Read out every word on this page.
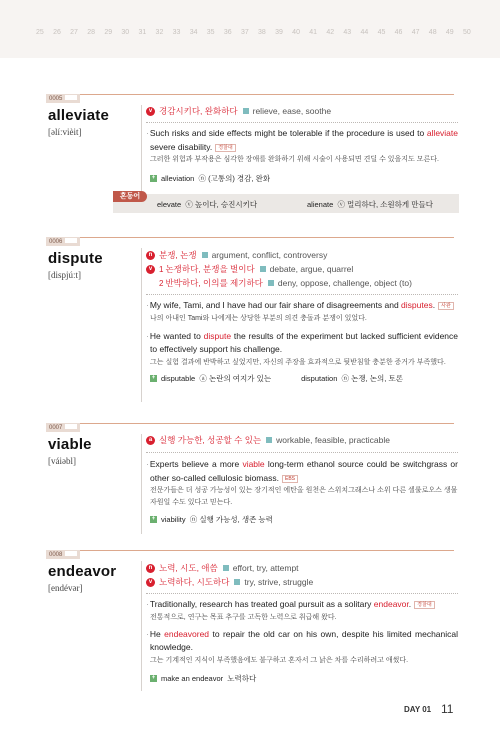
25 26 27 28 29 30 31 32 33 34 35 36 37 38 39 40 41 42 43 44 45 46 47 48 49 50
0005
alleviate
[əlíːvièit]
v 경감시키다, 완화하다 relieve, ease, soothe
·Such risks and side effects might be tolerable if the procedure is used to alleviate severe disability. 경찰대
그러한 위험과 부작용은 심각한 장애를 완화하기 위해 시술이 사용되면 견딜 수 있을지도 모른다.
+ alleviation
ⓝ (고통의) 경감, 완화
혼동어
elevate ⓥ 높이다, 승진시키다	alienate ⓥ 멀리하다, 소원하게 만들다
0006
dispute
[dispjúːt]
n 분쟁, 논쟁 argument, conflict, controversy
v 1 논쟁하다, 분쟁을 벌이다 debate, argue, quarrel
2 반박하다, 이의를 제기하다 deny, oppose, challenge, object (to)
·My wife, Tami, and I have had our fair share of disagreements and disputes. 사관
나의 아내인 Tami와 나에게는 상당한 부분의 의견 충돌과 분쟁이 있었다.
·He wanted to dispute the results of the experiment but lacked sufficient evidence to effectively support his challenge.
그는 실험 결과에 반박하고 싶었지만, 자신의 주장을 효과적으로 뒷받침할 충분한 증거가 부족했다.
+ disputable
ⓐ 논란의 여지가 있는	disputation
ⓝ 논쟁, 논의, 토론
0007
viable
[váiəbl]
a 실행 가능한, 성공할 수 있는 workable, feasible, practicable
·Experts believe a more viable long-term ethanol source could be switchgrass or other so-called cellulosic biomass. EBS
전문가들은 더 성공 가능성이 있는 장기적인 에탄올 원천은 스위치그래스나 소위 다른 셀룰로오스 생물 자원일 수도 있다고 믿는다.
+ viability
ⓝ 실행 가능성, 생존 능력
0008
endeavor
[endévər]
n 노력, 시도, 애씀 effort, try, attempt
v 노력하다, 시도하다 try, strive, struggle
·Traditionally, research has treated goal pursuit as a solitary endeavor. 경찰대
전통적으로, 연구는 목표 추구를 고독한 노력으로 취급해 왔다.
·He endeavored to repair the old car on his own, despite his limited mechanical knowledge.
그는 기계적인 지식이 부족했음에도 불구하고 혼자서 그 낡은 차를 수리하려고 애썼다.
+ make an endeavor
노력하다
DAY 01 11
